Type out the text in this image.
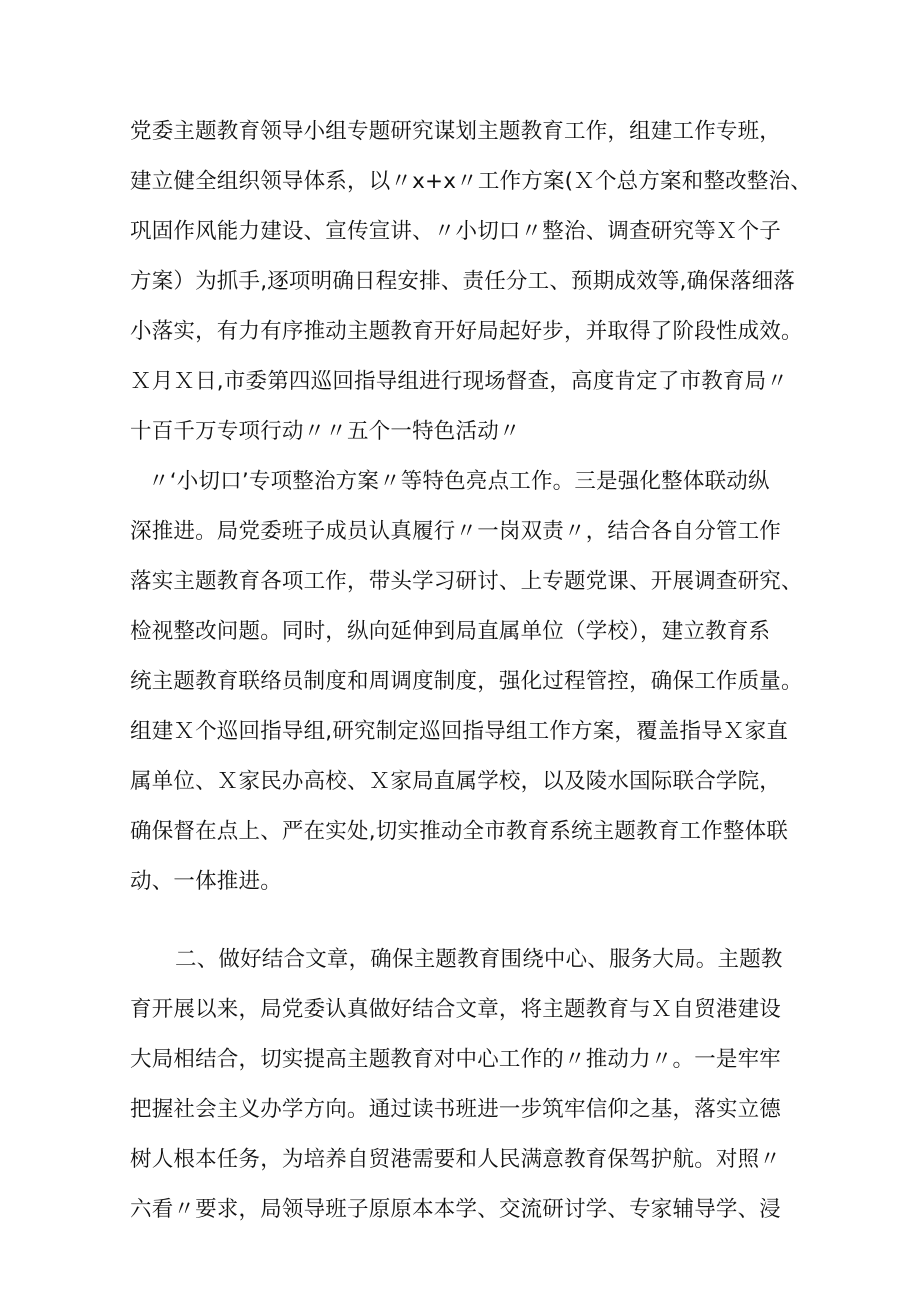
党委主题教育领导小组专题研究谋划主题教育工作，组建工作专班，
建立健全组织领导体系，以〃x+x〃工作方案(Ｘ个总方案和整改整治、
巩固作风能力建设、宣传宣讲、〃小切口〃整治、调查研究等Ｘ个子
方案）为抓手,逐项明确日程安排、责任分工、预期成效等,确保落细落
小落实，有力有序推动主题教育开好局起好步，并取得了阶段性成效。
Ｘ月Ｘ日,市委第四巡回指导组进行现场督查，高度肯定了市教育局〃
十百千万专项行动〃〃五个一特色活动〃
〃‘小切口’专项整治方案〃等特色亮点工作。三是强化整体联动纵
深推进。局党委班子成员认真履行〃一岗双责〃，结合各自分管工作
落实主题教育各项工作，带头学习研讨、上专题党课、开展调查研究、
检视整改问题。同时，纵向延伸到局直属单位（学校），建立教育系
统主题教育联络员制度和周调度制度，强化过程管控，确保工作质量。
组建Ｘ个巡回指导组,研究制定巡回指导组工作方案，覆盖指导Ｘ家直
属单位、Ｘ家民办高校、Ｘ家局直属学校，以及陵水国际联合学院，
确保督在点上、严在实处,切实推动全市教育系统主题教育工作整体联
动、一体推进。
二、做好结合文章，确保主题教育围绕中心、服务大局。主题教
育开展以来，局党委认真做好结合文章，将主题教育与Ｘ自贸港建设
大局相结合，切实提高主题教育对中心工作的〃推动力〃。一是牢牢
把握社会主义办学方向。通过读书班进一步筑牢信仰之基，落实立德
树人根本任务，为培养自贸港需要和人民满意教育保驾护航。对照〃
六看〃要求，局领导班子原原本本学、交流研讨学、专家辅导学、浸
